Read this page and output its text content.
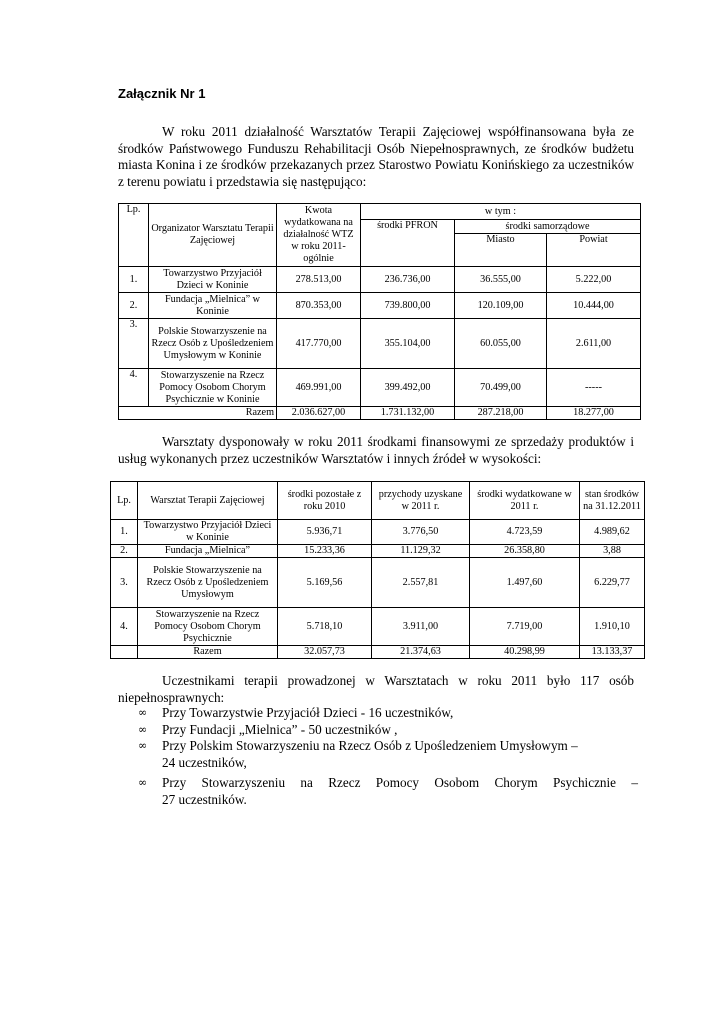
Załącznik Nr 1
W roku 2011 działalność Warsztatów Terapii Zajęciowej współfinansowana była ze środków Państwowego Funduszu Rehabilitacji Osób Niepełnosprawnych, ze środków budżetu miasta Konina i ze środków przekazanych przez Starostwo Powiatu Konińskiego za uczestników z terenu powiatu i przedstawia się następująco:
Lp.	Organizator Warsztatu Terapii Zajęciowej	Kwota wydatkowana na działalność WTZ w roku 2011- ogólnie	w tym :		
			środki PFRON	środki samorządowe	
				Miasto	Powiat
1.	Towarzystwo Przyjaciół Dzieci w Koninie	278.513,00	236.736,00	36.555,00	5.222,00
2.	Fundacja „Mielnica” w Koninie	870.353,00	739.800,00	120.109,00	10.444,00
3.	Polskie Stowarzyszenie na Rzecz Osób z Upośledzeniem Umysłowym w Koninie	417.770,00	355.104,00	60.055,00	2.611,00
4.	Stowarzyszenie na Rzecz Pomocy Osobom Chorym Psychicznie w Koninie	469.991,00	399.492,00	70.499,00	-----
	Razem	2.036.627,00	1.731.132,00	287.218,00	18.277,00
Warsztaty dysponowały w roku 2011 środkami finansowymi ze sprzedaży produktów i usług wykonanych przez uczestników Warsztatów i innych źródeł w wysokości:
Lp.	Warsztat Terapii Zajęciowej	środki pozostałe z roku 2010	przychody uzyskane w 2011 r.	środki wydatkowane w 2011 r.	stan środków na 31.12.2011
1.	Towarzystwo Przyjaciół Dzieci w Koninie	5.936,71	3.776,50	4.723,59	4.989,62
2.	Fundacja „Mielnica”	15.233,36	11.129,32	26.358,80	3,88
3.	Polskie Stowarzyszenie na Rzecz Osób z Upośledzeniem Umysłowym	5.169,56	2.557,81	1.497,60	6.229,77
4.	Stowarzyszenie na Rzecz Pomocy Osobom Chorym Psychicznie	5.718,10	3.911,00	7.719,00	1.910,10
	Razem	32.057,73	21.374,63	40.298,99	13.133,37
Uczestnikami terapii prowadzonej w Warsztatach w roku 2011 było 117 osób niepełnosprawnych:
∞ Przy Towarzystwie Przyjaciół Dzieci - 16 uczestników,
∞ Przy Fundacji „Mielnica” - 50 uczestników ,
∞ Przy Polskim Stowarzyszeniu na Rzecz Osób z Upośledzeniem Umysłowym –
24 uczestników,
∞ Przy Stowarzyszeniu na Rzecz Pomocy Osobom Chorym Psychicznie –
27 uczestników.
